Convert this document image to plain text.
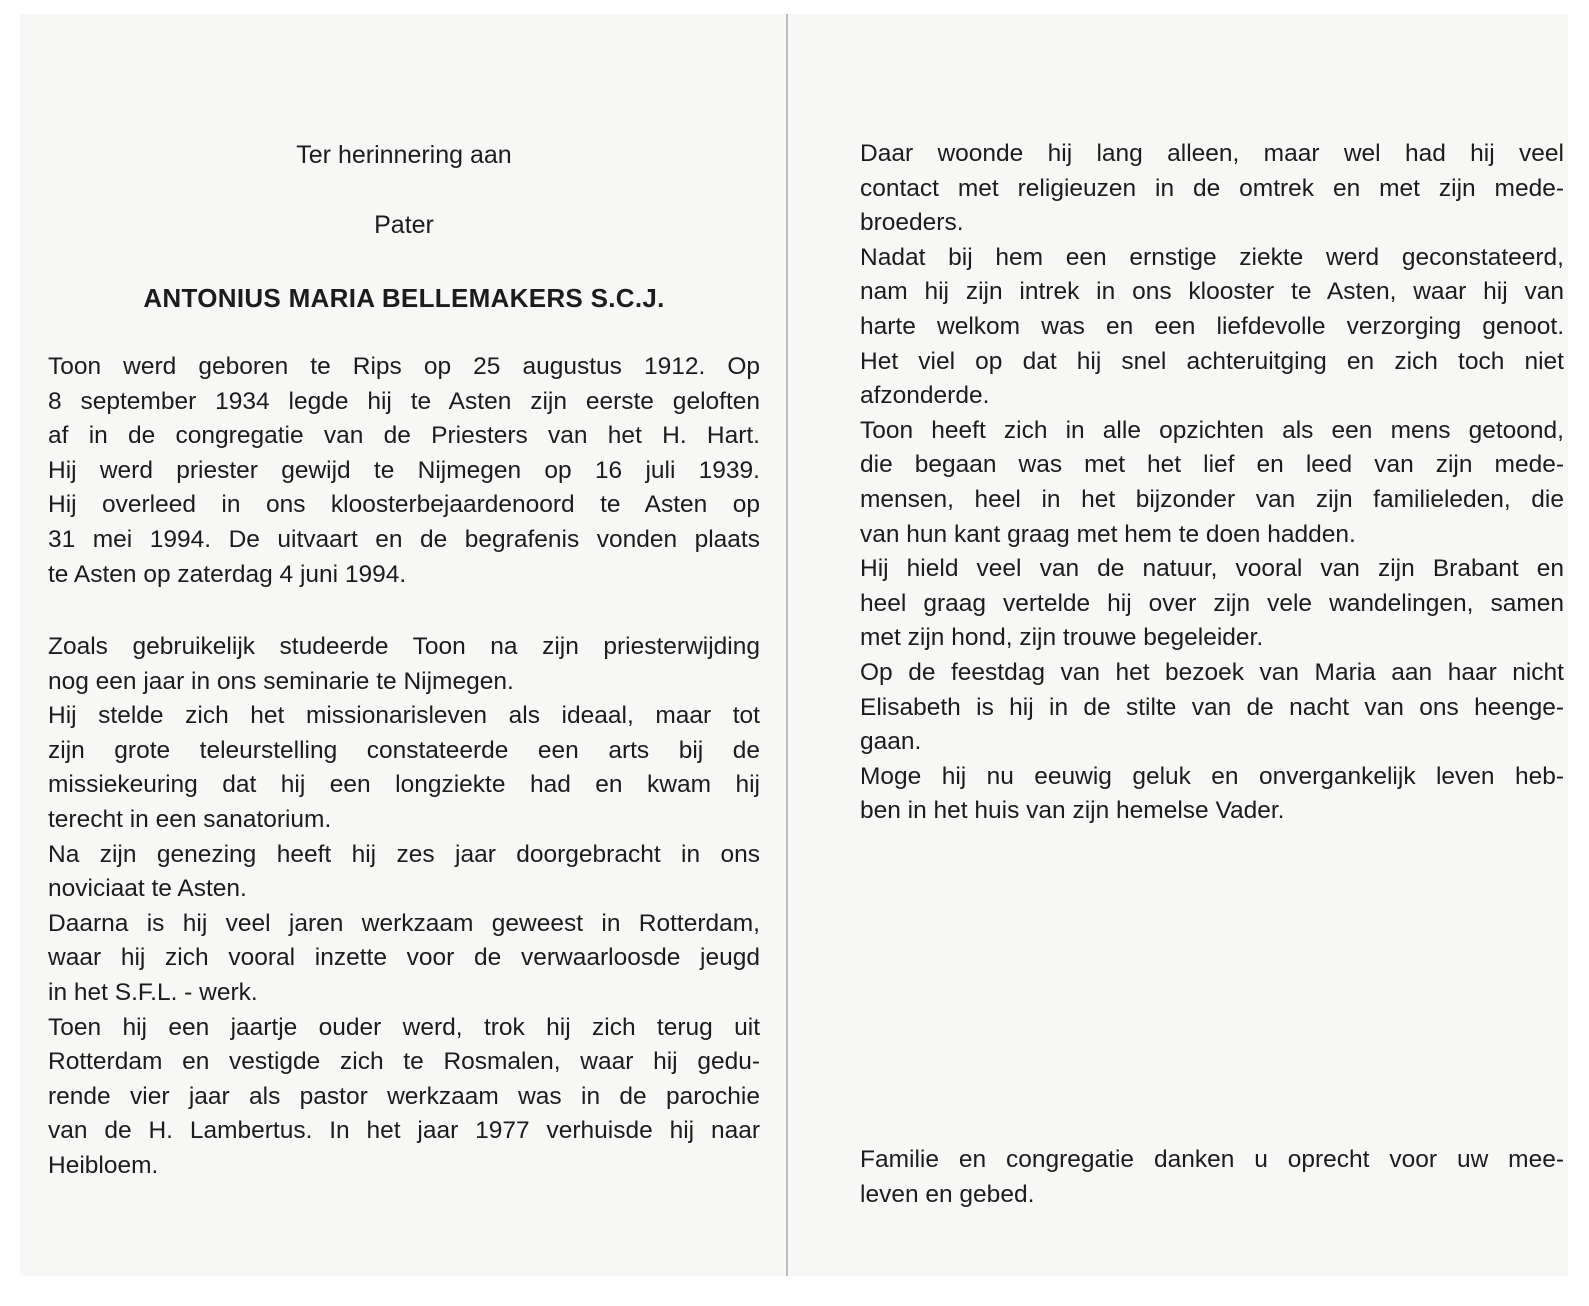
Ter herinnering aan
Pater
ANTONIUS MARIA BELLEMAKERS S.C.J.
Toon werd geboren te Rips op 25 augustus 1912. Op
8 september 1934 legde hij te Asten zijn eerste geloften
af in de congregatie van de Priesters van het H. Hart.
Hij werd priester gewijd te Nijmegen op 16 juli 1939.
Hij overleed in ons kloosterbejaardenoord te Asten op
31 mei 1994. De uitvaart en de begrafenis vonden plaats
te Asten op zaterdag 4 juni 1994.
Zoals gebruikelijk studeerde Toon na zijn priesterwijding
nog een jaar in ons seminarie te Nijmegen.
Hij stelde zich het missionarisleven als ideaal, maar tot
zijn grote teleurstelling constateerde een arts bij de
missiekeuring dat hij een longziekte had en kwam hij
terecht in een sanatorium.
Na zijn genezing heeft hij zes jaar doorgebracht in ons
noviciaat te Asten.
Daarna is hij veel jaren werkzaam geweest in Rotterdam,
waar hij zich vooral inzette voor de verwaarloosde jeugd
in het S.F.L. - werk.
Toen hij een jaartje ouder werd, trok hij zich terug uit
Rotterdam en vestigde zich te Rosmalen, waar hij gedu-
rende vier jaar als pastor werkzaam was in de parochie
van de H. Lambertus. In het jaar 1977 verhuisde hij naar
Heibloem.
Daar woonde hij lang alleen, maar wel had hij veel
contact met religieuzen in de omtrek en met zijn mede-
broeders.
Nadat bij hem een ernstige ziekte werd geconstateerd,
nam hij zijn intrek in ons klooster te Asten, waar hij van
harte welkom was en een liefdevolle verzorging genoot.
Het viel op dat hij snel achteruitging en zich toch niet
afzonderde.
Toon heeft zich in alle opzichten als een mens getoond,
die begaan was met het lief en leed van zijn mede-
mensen, heel in het bijzonder van zijn familieleden, die
van hun kant graag met hem te doen hadden.
Hij hield veel van de natuur, vooral van zijn Brabant en
heel graag vertelde hij over zijn vele wandelingen, samen
met zijn hond, zijn trouwe begeleider.
Op de feestdag van het bezoek van Maria aan haar nicht
Elisabeth is hij in de stilte van de nacht van ons heenge-
gaan.
Moge hij nu eeuwig geluk en onvergankelijk leven heb-
ben in het huis van zijn hemelse Vader.
Familie en congregatie danken u oprecht voor uw mee-
leven en gebed.
